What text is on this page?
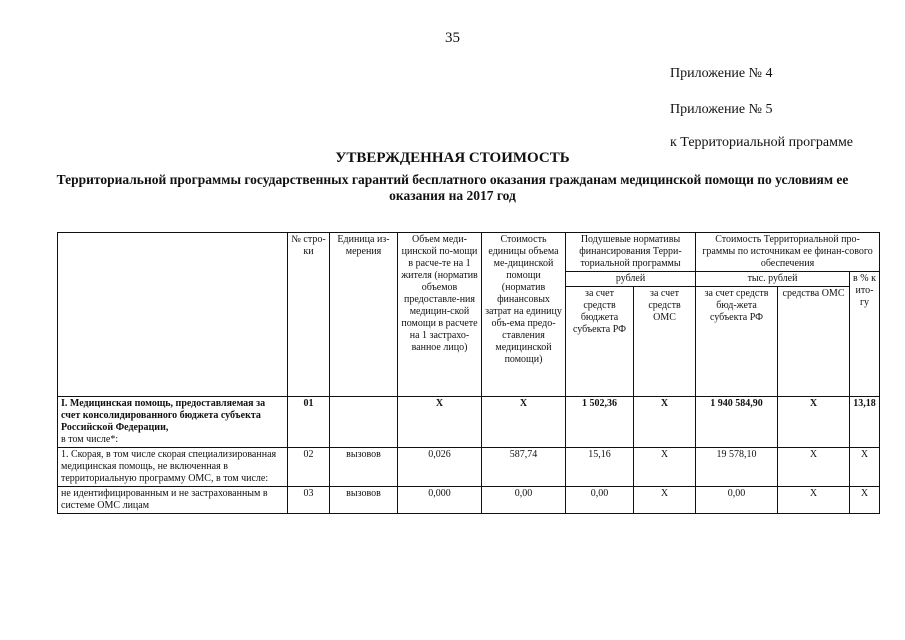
35
Приложение № 4
Приложение № 5
к Территориальной программе
УТВЕРЖДЕННАЯ СТОИМОСТЬ
Территориальной программы государственных гарантий бесплатного оказания гражданам медицинской помощи по условиям ее оказания на 2017 год
	№ стро-ки	Единица из-мерения	Объем меди-цинской по-мощи в расче-те на 1 жителя (норматив объемов предоставле-ния медицин-ской помощи в расчете на 1 застрахо-ванное лицо)	Стоимость единицы объема ме-дицинской помощи (норматив финансовых затрат на единицу объ-ема предо-ставления медицинской помощи)	Подушевые нормативы финансирования Терри-ториальной программы		Стоимость Территориальной про-граммы по источникам ее финан-сового обеспечения		
					рублей		тыс. рублей		в % к ито-гу
					за счет средств бюджета субъекта РФ	за счет средств ОМС	за счет средств бюд-жета субъекта РФ	средства ОМС	
I. Медицинская помощь, предоставляемая за счет консолидированного бюджета субъекта Российской Федерации,
в том числе*:	01		Х	Х	1 502,36	Х	1 940 584,90	Х	13,18
1. Скорая, в том числе скорая специализированная медицинская помощь, не включенная в территориальную программу ОМС, в том числе:	02	вызовов	0,026	587,74	15,16	Х	19 578,10	Х	Х
не идентифицированным и не застрахованным в системе ОМС лицам	03	вызовов	0,000	0,00	0,00	Х	0,00	Х	Х
